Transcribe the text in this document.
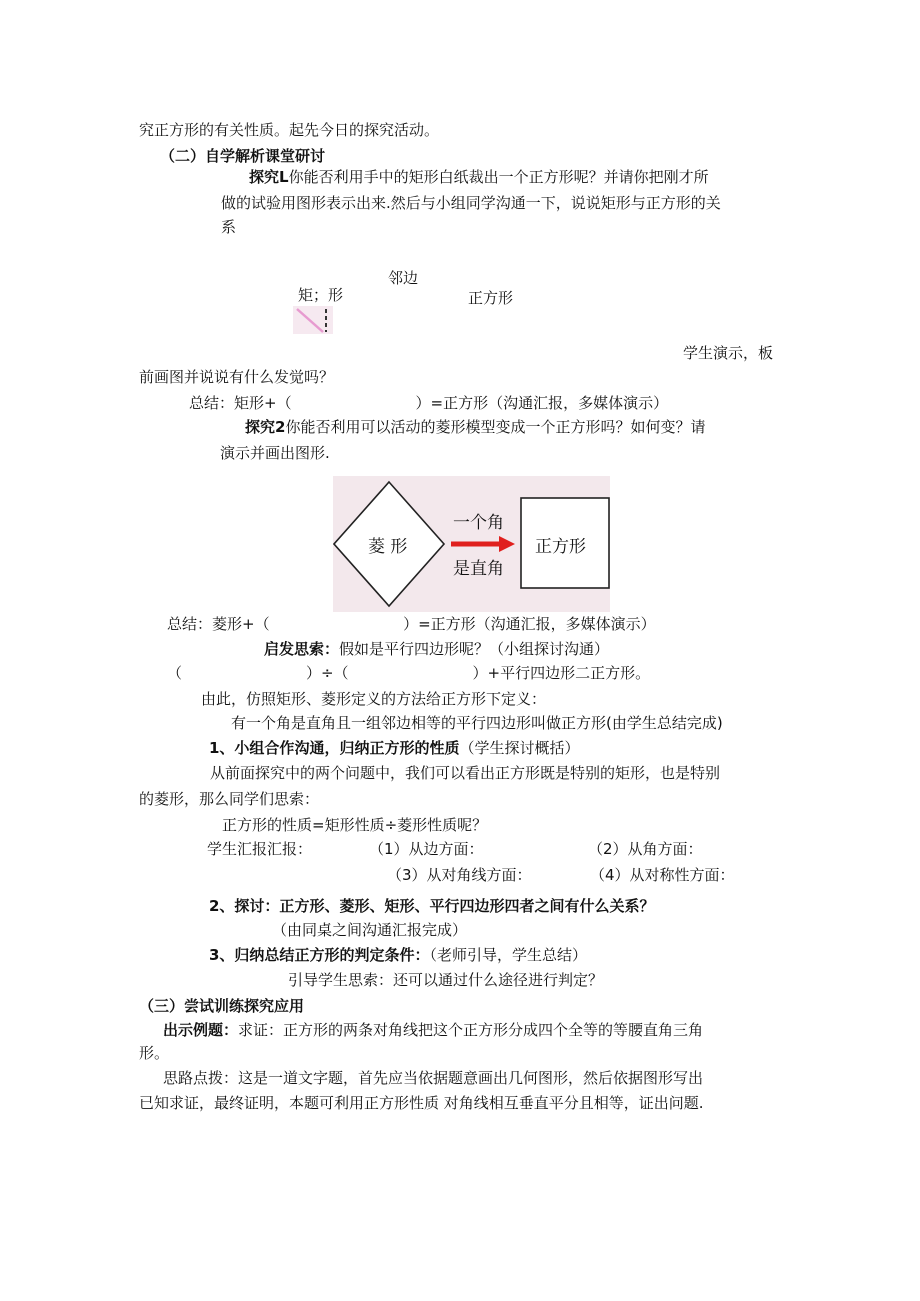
究正方形的有关性质。起先今日的探究活动。
（二）自学解析课堂研讨
探究L你能否利用手中的矩形白纸裁出一个正方形呢？并请你把刚才所
做的试验用图形表示出来.然后与小组同学沟通一下，说说矩形与正方形的关
系
邻边
矩；形	正方形
学生演示，板
前画图并说说有什么发觉吗？
总结：矩形+（                          ）=正方形（沟通汇报，多媒体演示）
探究2你能否利用可以活动的菱形模型变成一个正方形吗？如何变？请
演示并画出图形.
菱 形
一个角
是直角
正方形
总结：菱形+（                            ）=正方形（沟通汇报，多媒体演示）
启发思索：假如是平行四边形呢？（小组探讨沟通）
（                          ）÷（                          ）+平行四边形二正方形。
由此，仿照矩形、菱形定义的方法给正方形下定义：
有一个角是直角且一组邻边相等的平行四边形叫做正方形(由学生总结完成)
1、小组合作沟通，归纳正方形的性质（学生探讨概括）
从前面探究中的两个问题中，我们可以看出正方形既是特别的矩形，也是特别
的菱形，那么同学们思索：
正方形的性质=矩形性质÷菱形性质呢？
学生汇报汇报：	（1）从边方面：	（2）从角方面：
（3）从对角线方面：	（4）从对称性方面：
2、探讨：正方形、菱形、矩形、平行四边形四者之间有什么关系？
（由同桌之间沟通汇报完成）
3、归纳总结正方形的判定条件：（老师引导，学生总结）
引导学生思索：还可以通过什么途径进行判定？
（三）尝试训练探究应用
出示例题：求证：正方形的两条对角线把这个正方形分成四个全等的等腰直角三角
形。
思路点拨：这是一道文字题，首先应当依据题意画出几何图形，然后依据图形写出
已知求证，最终证明，本题可利用正方形性质 对角线相互垂直平分且相等，证出问题.
